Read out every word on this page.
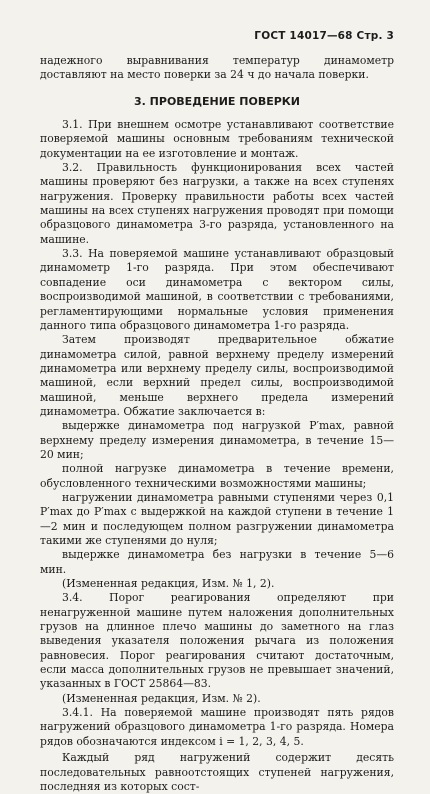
ГОСТ 14017—68 Стр. 3

надежного выравнивания температур динамометр доставляют на место поверки за 24 ч до начала поверки.

3. ПРОВЕДЕНИЕ ПОВЕРКИ

3.1. При внешнем осмотре устанавливают соответствие поверяемой машины основным требованиям технической документации на ее изготовление и монтаж.

3.2. Правильность функционирования всех частей машины проверяют без нагрузки, а также на всех ступенях нагружения. Проверку правильности работы всех частей машины на всех ступенях нагружения проводят при помощи образцового динамометра 3-го разряда, установленного на машине.

3.3. На поверяемой машине устанавливают образцовый динамометр 1-го разряда. При этом обеспечивают совпадение оси динамометра с вектором силы, воспроизводимой машиной, в соответствии с требованиями, регламентирующими нормальные условия применения данного типа образцового динамометра 1-го разряда.

Затем производят предварительное обжатие динамометра силой, равной верхнему пределу измерений динамометра или верхнему пределу силы, воспроизводимой машиной, если верхний предел силы, воспроизводимой машиной, меньше верхнего предела измерений динамометра. Обжатие заключается в:

выдержке динамометра под нагрузкой P′max, равной верхнему пределу измерения динамометра, в течение 15—20 мин;

полной нагрузке динамометра в течение времени, обусловленного техническими возможностями машины;

нагружении динамометра равными ступенями через 0,1 P′max до P′max с выдержкой на каждой ступени в течение 1—2 мин и последующем полном разгружении динамометра такими же ступенями до нуля;

выдержке динамометра без нагрузки в течение 5—6 мин.

(Измененная редакция, Изм. № 1, 2).

3.4. Порог реагирования определяют при ненагруженной машине путем наложения дополнительных грузов на длинное плечо машины до заметного на глаз выведения указателя положения рычага из положения равновесия. Порог реагирования считают достаточным, если масса дополнительных грузов не превышает значений, указанных в ГОСТ 25864—83.

(Измененная редакция, Изм. № 2).

3.4.1. На поверяемой машине производят пять рядов нагружений образцового динамометра 1-го разряда. Номера рядов обозначаются индексом i = 1, 2, 3, 4, 5.

Каждый ряд нагружений содержит десять последовательных равноотстоящих ступеней нагружения, последняя из которых сост-
